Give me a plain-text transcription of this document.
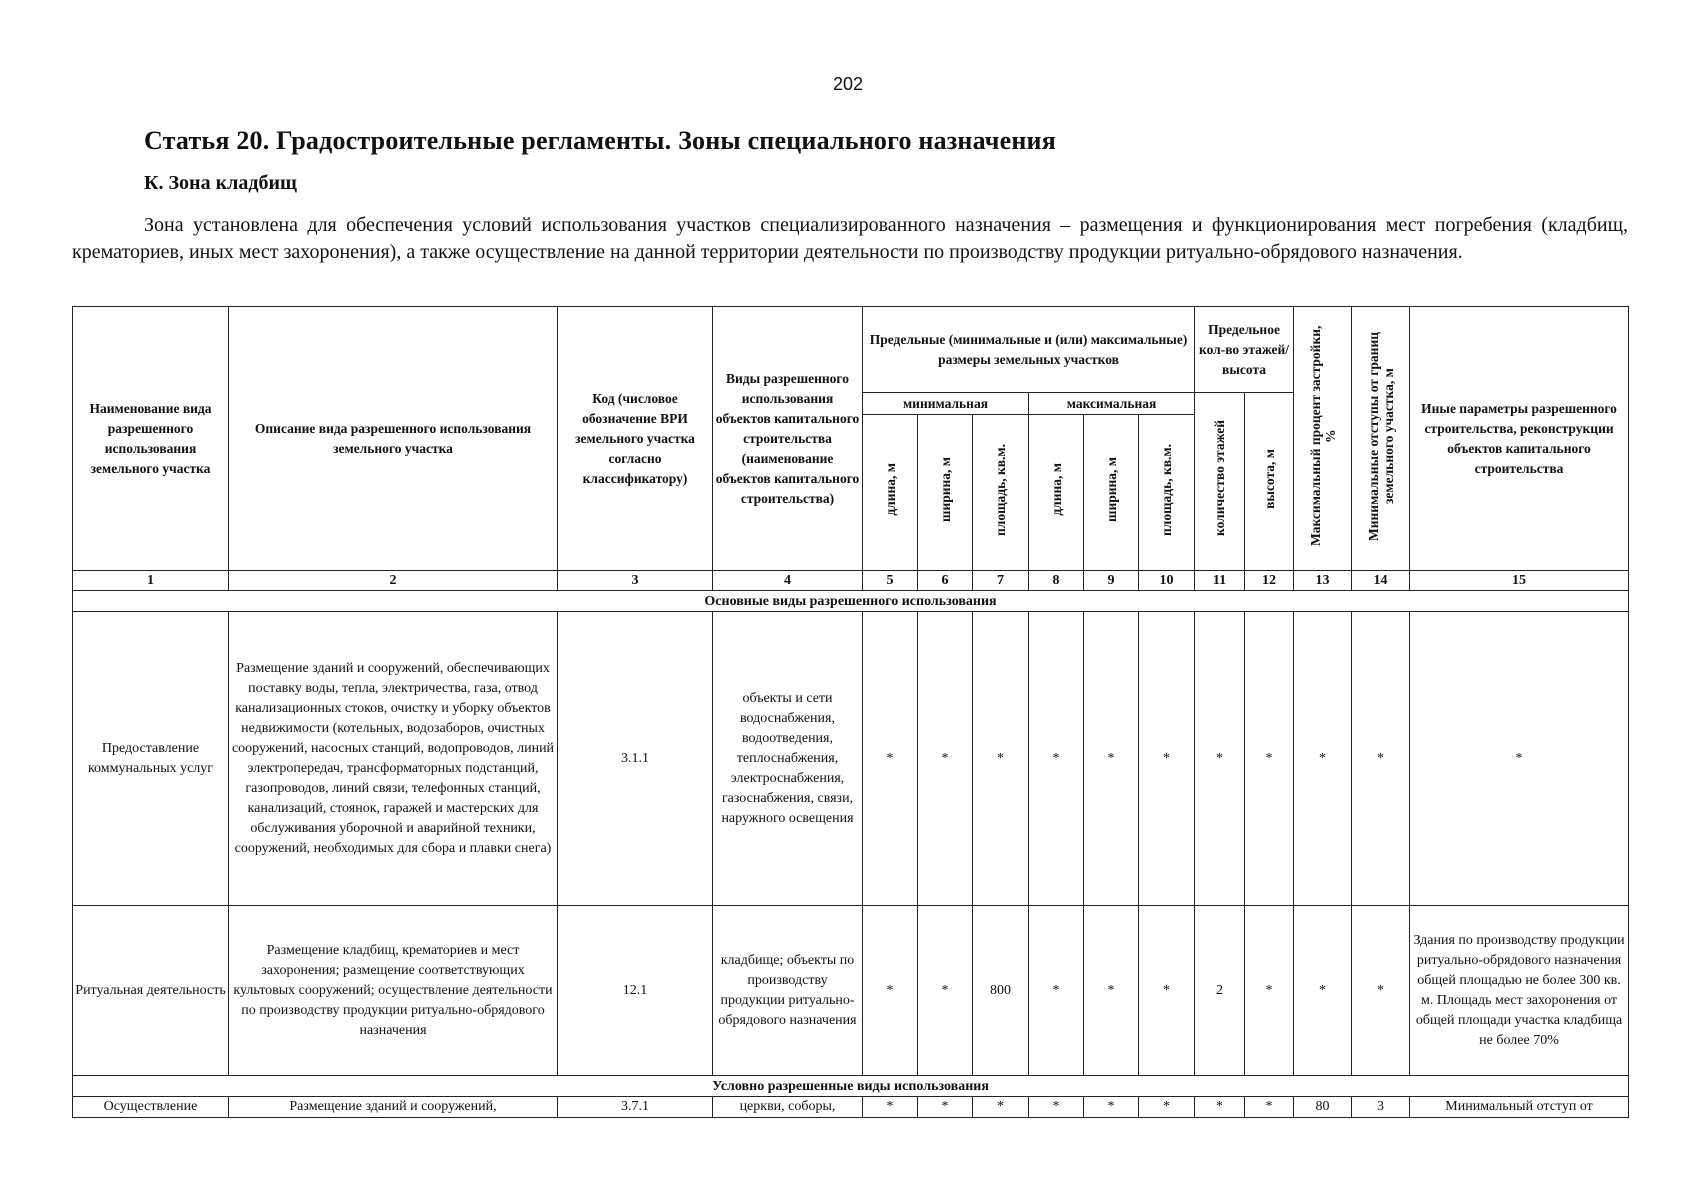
202
Статья 20. Градостроительные регламенты. Зоны специального назначения
К. Зона кладбищ

Зона установлена для обеспечения условий использования участков специализированного назначения – размещения и функционирования мест погребения (кладбищ, крематориев, иных мест захоронения), а также осуществление на данной территории деятельности по производству продукции ритуально-обрядового назначения.

Наименование вида разрешенного использования земельного участка	Описание вида разрешенного использования земельного участка	Код (числовое обозначение ВРИ земельного участка согласно классификатору)	Виды разрешенного использования объектов капитального строительства (наименование объектов капитального строительства)	Предельные (минимальные и (или) максимальные) размеры земельных участков						Предельное кол-во этажей/ высота		Максимальный процент застройки, %	Минимальные отступы от границ земельного участка, м	Иные параметры разрешенного строительства, реконструкции объектов капитального строительства
				минимальная			максимальная			количество этажей	высота, м			
				длина, м	ширина, м	площадь, кв.м.	длина, м	ширина, м	площадь, кв.м.					
1	2	3	4	5	6	7	8	9	10	11	12	13	14	15
Основные виды разрешенного использования														
Предоставление коммунальных услуг	Размещение зданий и сооружений, обеспечивающих поставку воды, тепла, электричества, газа, отвод канализационных стоков, очистку и уборку объектов недвижимости (котельных, водозаборов, очистных сооружений, насосных станций, водопроводов, линий электропередач, трансформаторных подстанций, газопроводов, линий связи, телефонных станций, канализаций, стоянок, гаражей и мастерских для обслуживания уборочной и аварийной техники, сооружений, необходимых для сбора и плавки снега)	3.1.1	объекты и сети водоснабжения, водоотведения, теплоснабжения, электроснабжения, газоснабжения, связи, наружного освещения	*	*	*	*	*	*	*	*	*	*	*
Ритуальная деятельность	Размещение кладбищ, крематориев и мест захоронения; размещение соответствующих культовых сооружений; осуществление деятельности по производству продукции ритуально-обрядового назначения	12.1	кладбище; объекты по производству продукции ритуально-обрядового назначения	*	*	800	*	*	*	2	*	*	*	Здания по производству продукции ритуально-обрядового назначения общей площадью не более 300 кв. м. Площадь мест захоронения от общей площади участка кладбища не более 70%
Условно разрешенные виды использования														
Осуществление	Размещение зданий и сооружений,	3.7.1	церкви, соборы,	*	*	*	*	*	*	*	*	80	3	Минимальный отступ от
